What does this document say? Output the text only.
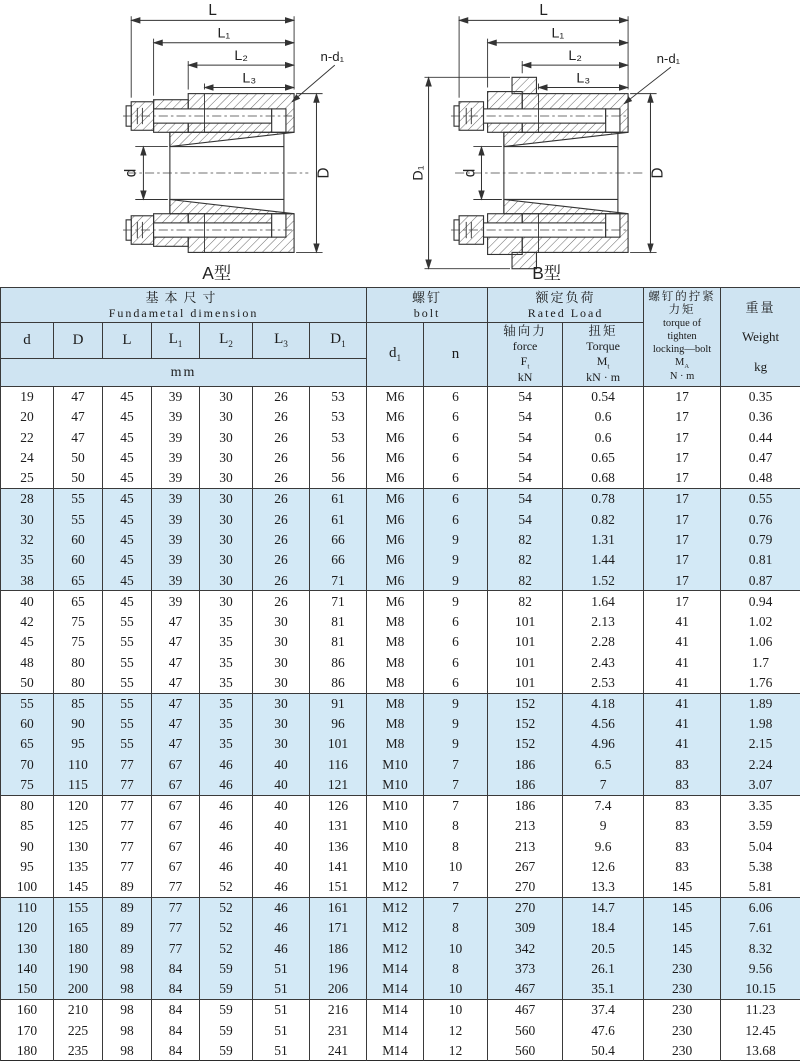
L
L₁
L₂
L₃
n-d₁
d	D
A型
L
L₁
L₂
L₃
n-d₁
d
D₁	D
B型
基本尺寸
Fundametal dimension

螺钉
bolt

额定负荷
Rated Load

螺钉的拧紧
力矩
torque of
tighten
locking—bolt
$M_A$
N · m

重量
Weight
kg

d	D	L	$L_1$	$L_2$	$L_3$	$D_1$	$d_1$	n	
轴向力
force
$F_t$
kN

扭矩
Torque
$M_t$
kN · m

mm												
19	47	45	39	30	26	53	M6	6	54	0.54	17	0.35
20	47	45	39	30	26	53	M6	6	54	0.6	17	0.36
22	47	45	39	30	26	53	M6	6	54	0.6	17	0.44
24	50	45	39	30	26	56	M6	6	54	0.65	17	0.47
25	50	45	39	30	26	56	M6	6	54	0.68	17	0.48
28	55	45	39	30	26	61	M6	6	54	0.78	17	0.55
30	55	45	39	30	26	61	M6	6	54	0.82	17	0.76
32	60	45	39	30	26	66	M6	9	82	1.31	17	0.79
35	60	45	39	30	26	66	M6	9	82	1.44	17	0.81
38	65	45	39	30	26	71	M6	9	82	1.52	17	0.87
40	65	45	39	30	26	71	M6	9	82	1.64	17	0.94
42	75	55	47	35	30	81	M8	6	101	2.13	41	1.02
45	75	55	47	35	30	81	M8	6	101	2.28	41	1.06
48	80	55	47	35	30	86	M8	6	101	2.43	41	1.7
50	80	55	47	35	30	86	M8	6	101	2.53	41	1.76
55	85	55	47	35	30	91	M8	9	152	4.18	41	1.89
60	90	55	47	35	30	96	M8	9	152	4.56	41	1.98
65	95	55	47	35	30	101	M8	9	152	4.96	41	2.15
70	110	77	67	46	40	116	M10	7	186	6.5	83	2.24
75	115	77	67	46	40	121	M10	7	186	7	83	3.07
80	120	77	67	46	40	126	M10	7	186	7.4	83	3.35
85	125	77	67	46	40	131	M10	8	213	9	83	3.59
90	130	77	67	46	40	136	M10	8	213	9.6	83	5.04
95	135	77	67	46	40	141	M10	10	267	12.6	83	5.38
100	145	89	77	52	46	151	M12	7	270	13.3	145	5.81
110	155	89	77	52	46	161	M12	7	270	14.7	145	6.06
120	165	89	77	52	46	171	M12	8	309	18.4	145	7.61
130	180	89	77	52	46	186	M12	10	342	20.5	145	8.32
140	190	98	84	59	51	196	M14	8	373	26.1	230	9.56
150	200	98	84	59	51	206	M14	10	467	35.1	230	10.15
160	210	98	84	59	51	216	M14	10	467	37.4	230	11.23
170	225	98	84	59	51	231	M14	12	560	47.6	230	12.45
180	235	98	84	59	51	241	M14	12	560	50.4	230	13.68
